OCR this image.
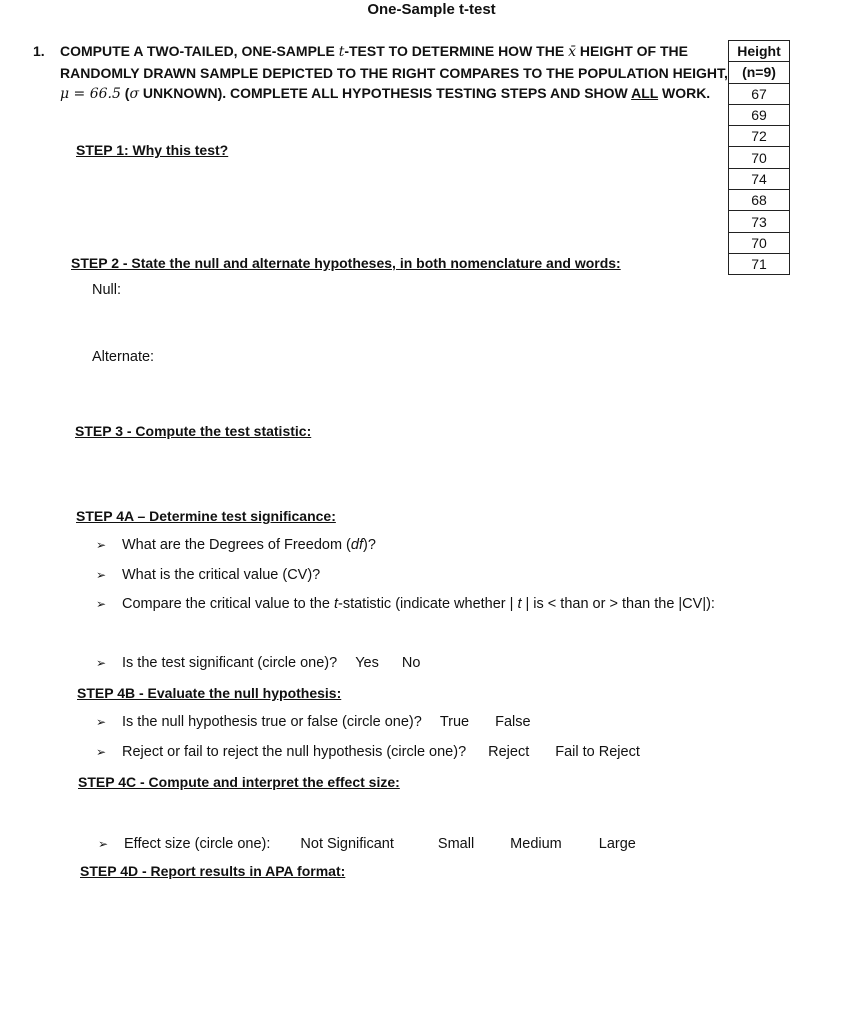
One-Sample t-test
1. COMPUTE A TWO-TAILED, ONE-SAMPLE t-TEST TO DETERMINE HOW THE x̄ HEIGHT OF THE RANDOMLY DRAWN SAMPLE DEPICTED TO THE RIGHT COMPARES TO THE POPULATION HEIGHT, μ = 66.5 (σ UNKNOWN). COMPLETE ALL HYPOTHESIS TESTING STEPS AND SHOW ALL WORK.
Height
(n=9)
67
69
72
70
74
68
73
70
71
STEP 1: Why this test?
STEP 2 - State the null and alternate hypotheses, in both nomenclature and words:
Null:
Alternate:
STEP 3 - Compute the test statistic:
STEP 4A – Determine test significance:
➢ What are the Degrees of Freedom (df)?
➢ What is the critical value (CV)?
➢ Compare the critical value to the t-statistic (indicate whether | t | is < than or > than the |CV|):
➢ Is the test significant (circle one)? Yes No
STEP 4B - Evaluate the null hypothesis:
➢ Is the null hypothesis true or false (circle one)? True False
➢ Reject or fail to reject the null hypothesis (circle one)? Reject Fail to Reject
STEP 4C - Compute and interpret the effect size:
➢ Effect size (circle one): Not Significant	Small Medium	Large
STEP 4D - Report results in APA format:
